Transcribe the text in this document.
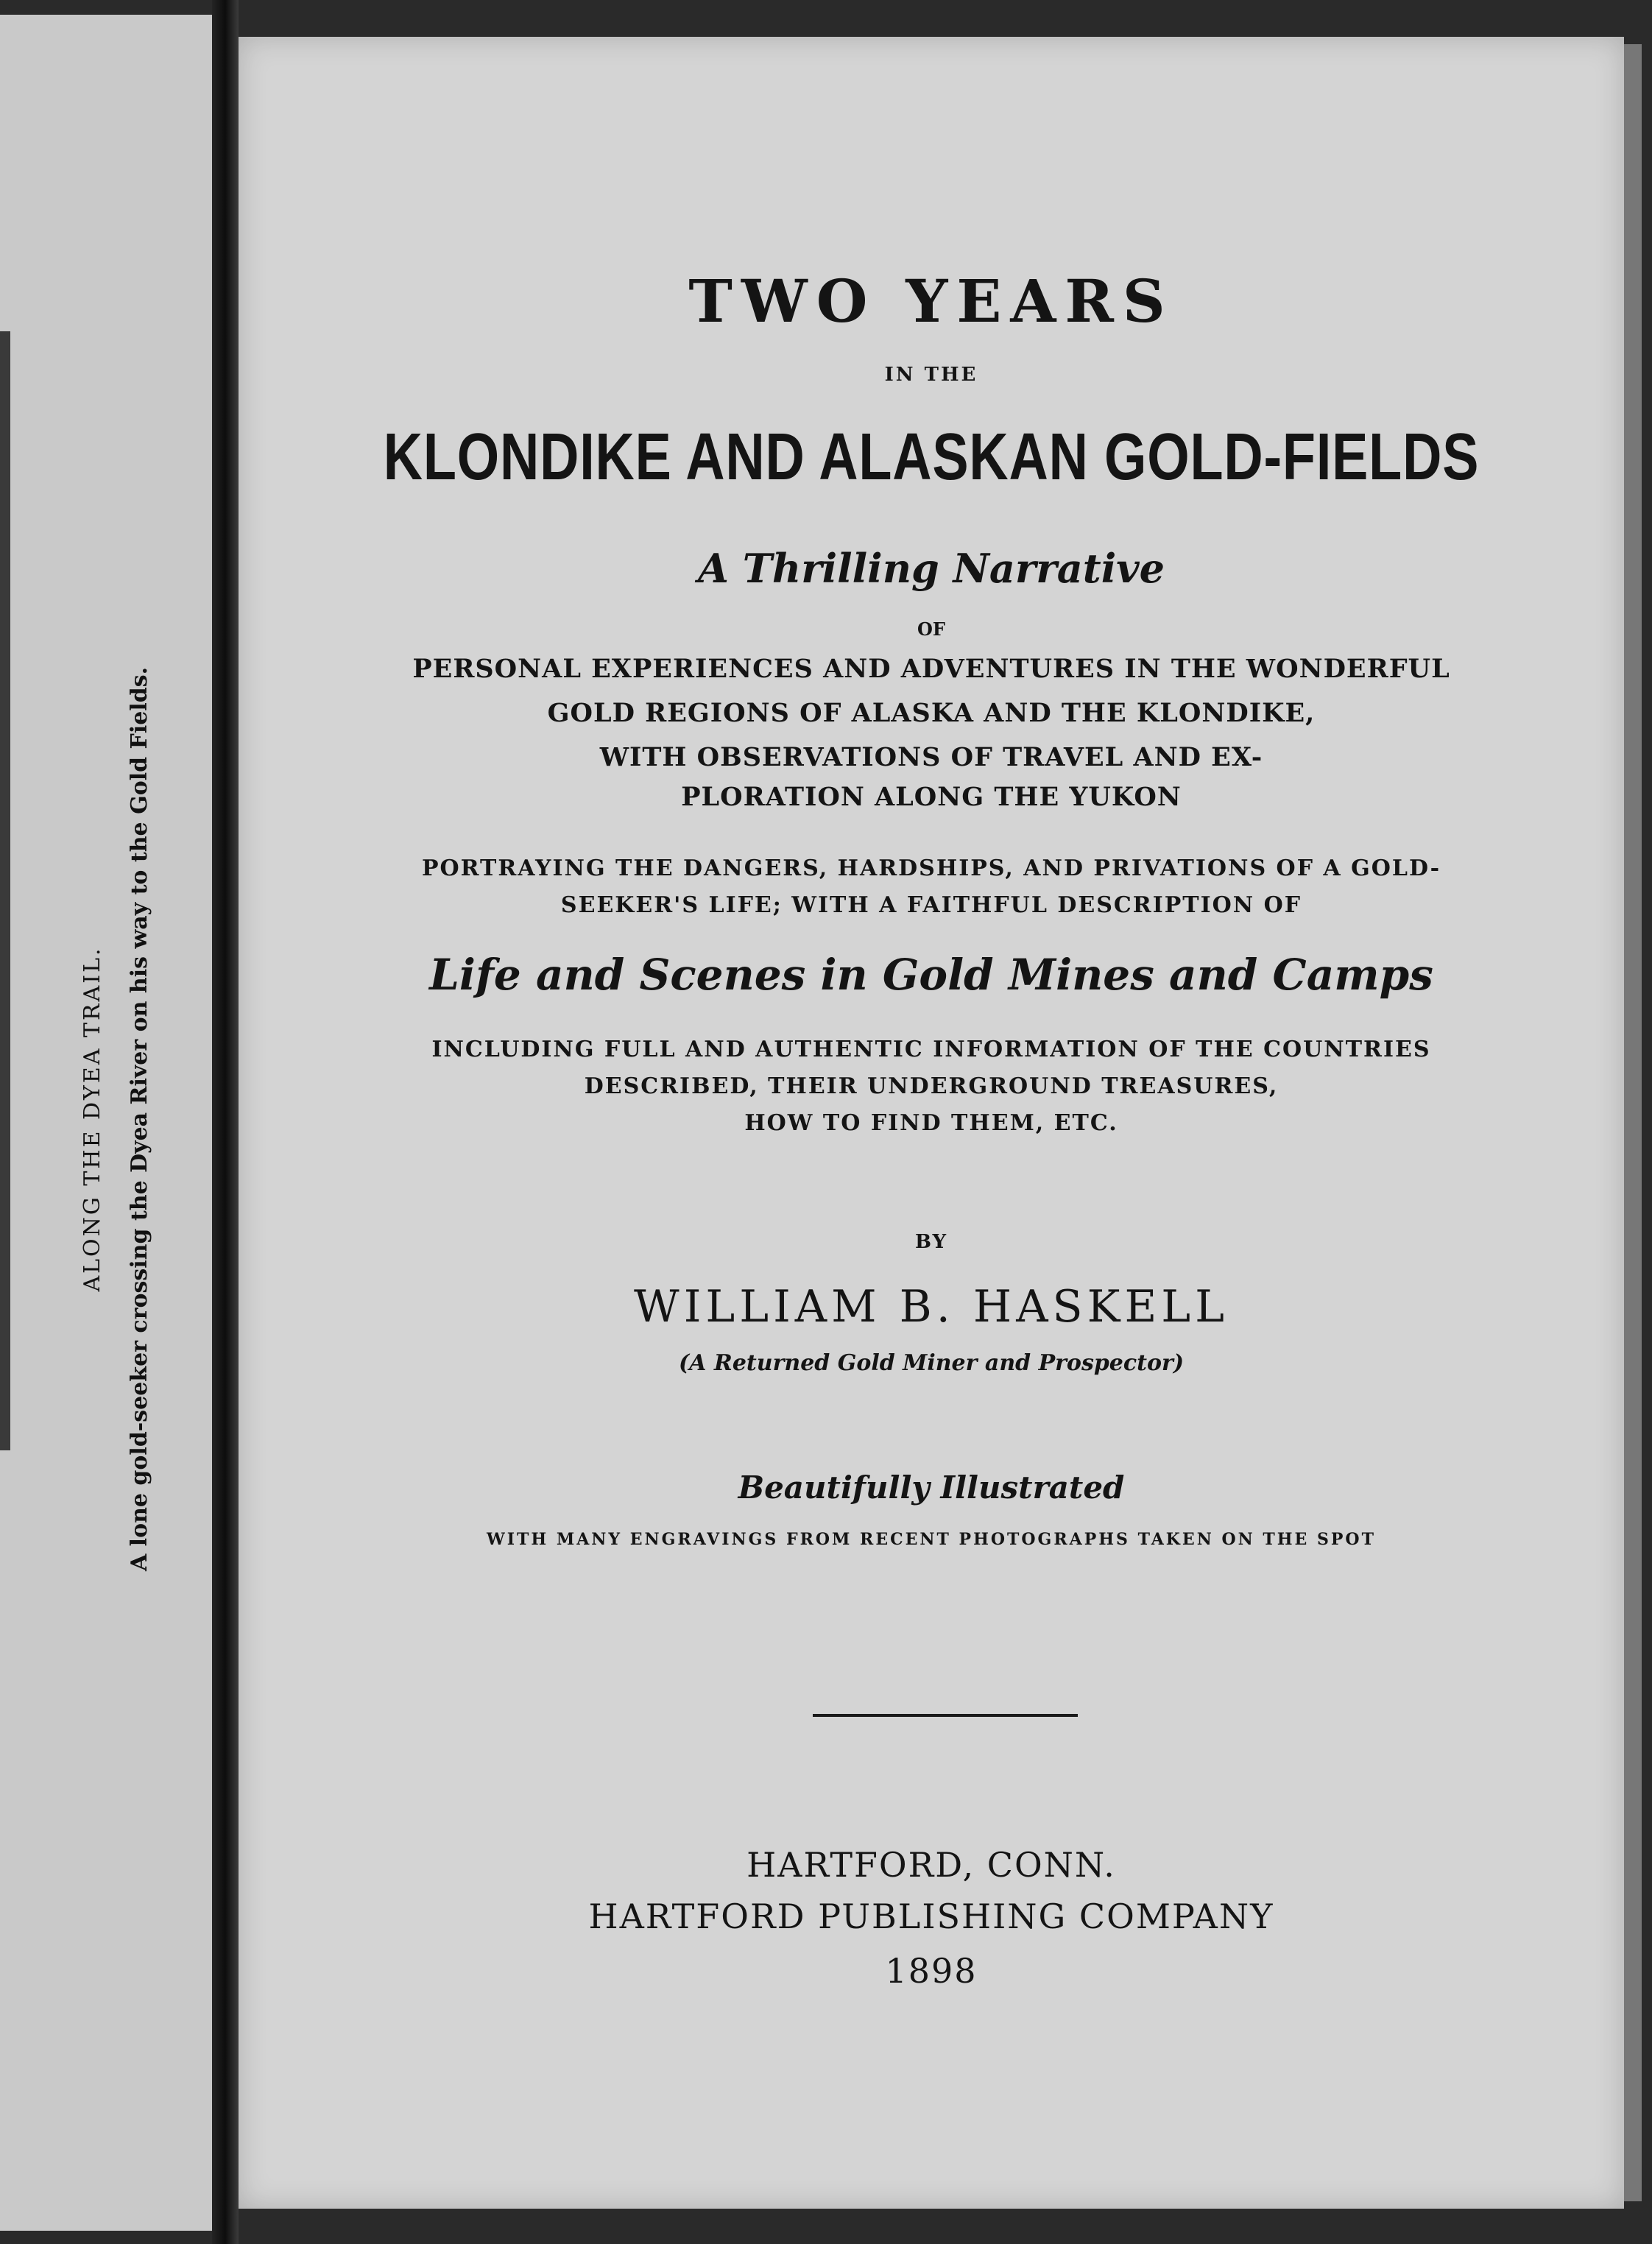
ALONG THE DYEA TRAIL. A lone gold-seeker crossing the Dyea River on his way to the Gold Fields.
TWO YEARS
IN THE
KLONDIKE AND ALASKAN GOLD-FIELDS
A Thrilling Narrative
OF
PERSONAL EXPERIENCES AND ADVENTURES IN THE WONDERFUL
GOLD REGIONS OF ALASKA AND THE KLONDIKE,
WITH OBSERVATIONS OF TRAVEL AND EX-
PLORATION ALONG THE YUKON
PORTRAYING THE DANGERS, HARDSHIPS, AND PRIVATIONS OF A GOLD-
SEEKER'S LIFE; WITH A FAITHFUL DESCRIPTION OF
Life and Scenes in Gold Mines and Camps
INCLUDING FULL AND AUTHENTIC INFORMATION OF THE COUNTRIES
DESCRIBED, THEIR UNDERGROUND TREASURES,
HOW TO FIND THEM, ETC.
BY
WILLIAM B. HASKELL
(A Returned Gold Miner and Prospector)
Beautifully Illustrated
WITH MANY ENGRAVINGS FROM RECENT PHOTOGRAPHS TAKEN ON THE SPOT
HARTFORD, CONN.
HARTFORD PUBLISHING COMPANY
1898
